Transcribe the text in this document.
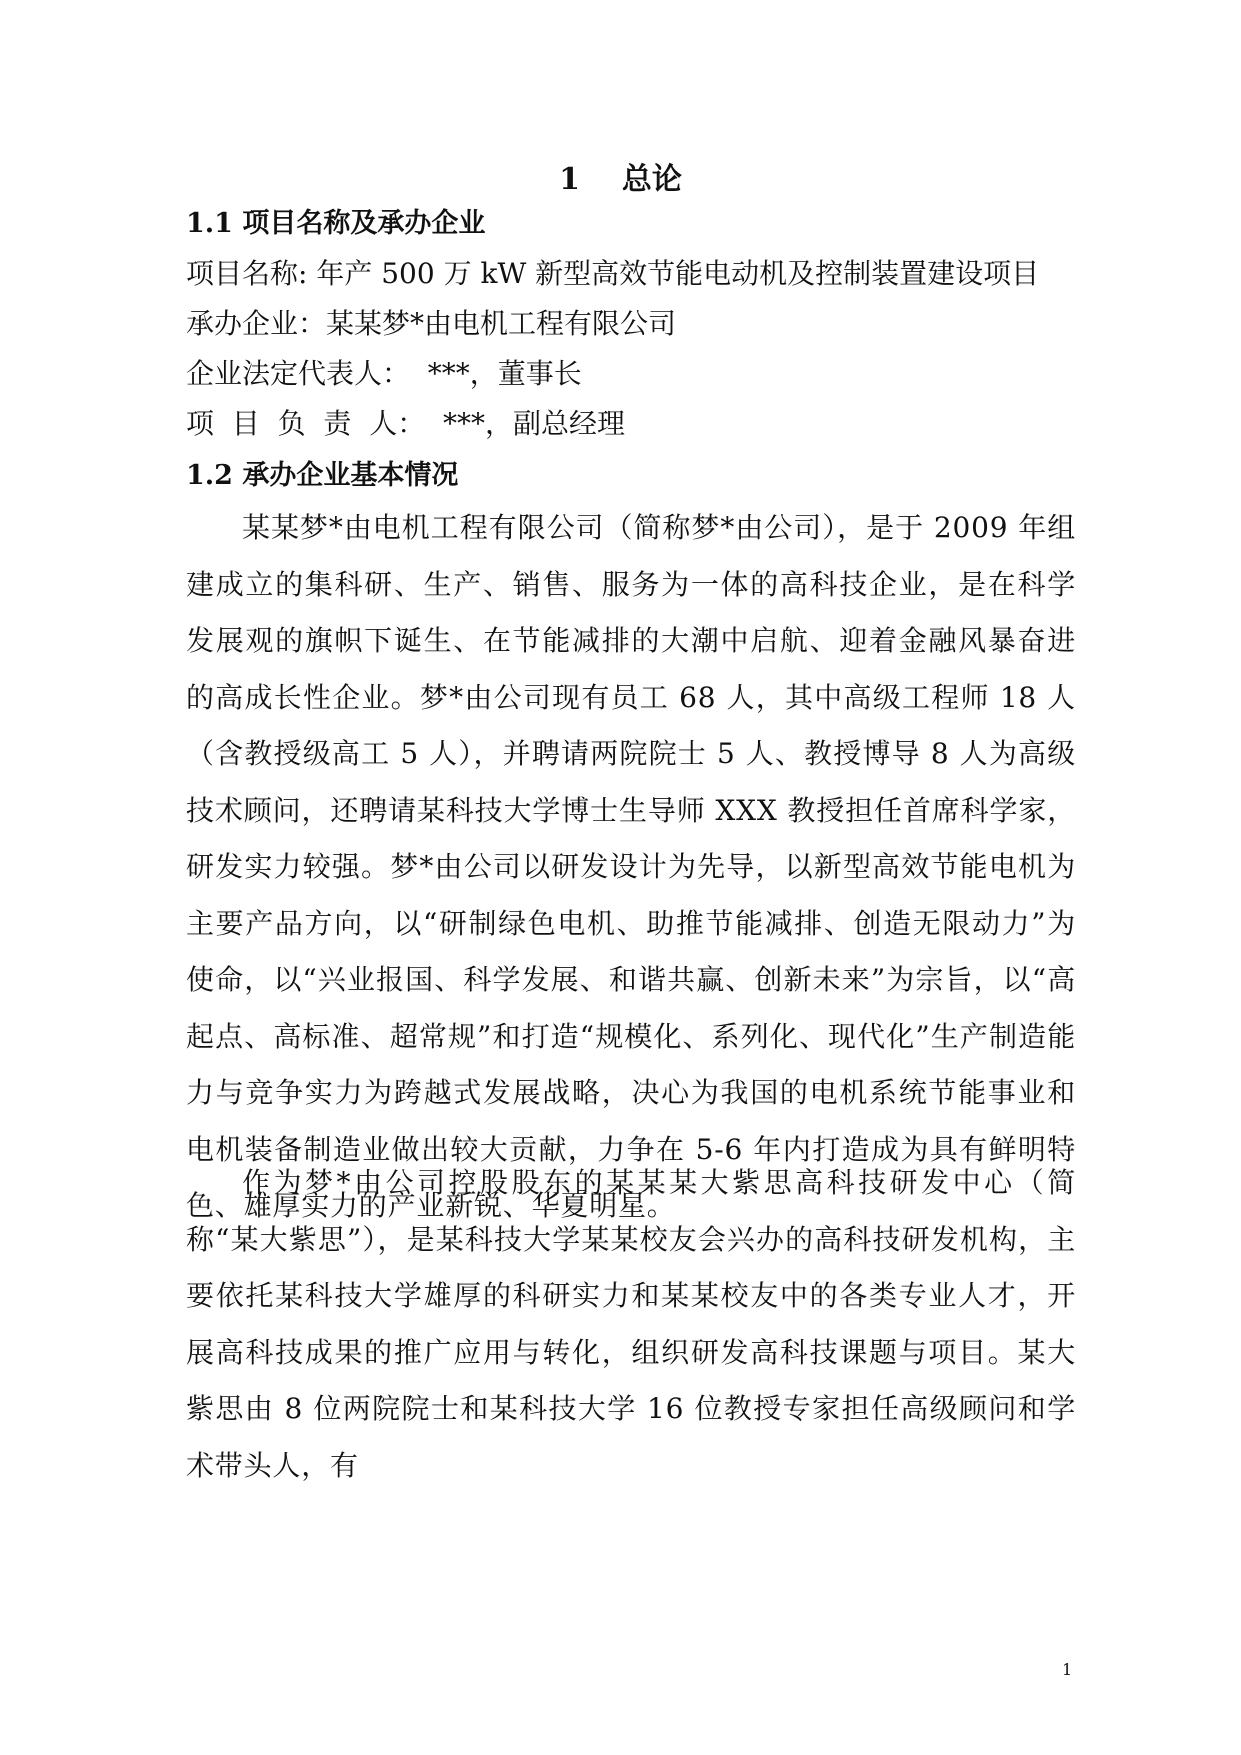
1    总论
1.1 项目名称及承办企业
项目名称: 年产 500 万 kW 新型高效节能电动机及控制装置建设项目
承办企业：某某梦*由电机工程有限公司
企业法定代表人：  ***，董事长
项  目  负  责  人：  ***，副总经理
1.2 承办企业基本情况
某某梦*由电机工程有限公司（简称梦*由公司），是于 2009 年组建成立的集科研、生产、销售、服务为一体的高科技企业，是在科学发展观的旗帜下诞生、在节能减排的大潮中启航、迎着金融风暴奋进的高成长性企业。梦*由公司现有员工 68 人，其中高级工程师 18 人（含教授级高工 5 人），并聘请两院院士 5 人、教授博导 8 人为高级技术顾问，还聘请某科技大学博士生导师 XXX 教授担任首席科学家，研发实力较强。梦*由公司以研发设计为先导，以新型高效节能电机为主要产品方向，以“研制绿色电机、助推节能减排、创造无限动力”为使命，以“兴业报国、科学发展、和谐共赢、创新未来”为宗旨，以“高起点、高标准、超常规”和打造“规模化、系列化、现代化”生产制造能力与竞争实力为跨越式发展战略，决心为我国的电机系统节能事业和电机装备制造业做出较大贡献，力争在 5-6 年内打造成为具有鲜明特色、雄厚实力的产业新锐、华夏明星。
作为梦*由公司控股股东的某某某大紫思高科技研发中心（简称“某大紫思”），是某科技大学某某校友会兴办的高科技研发机构，主要依托某科技大学雄厚的科研实力和某某校友中的各类专业人才，开展高科技成果的推广应用与转化，组织研发高科技课题与项目。某大紫思由 8 位两院院士和某科技大学 16 位教授专家担任高级顾问和学术带头人，有
1
